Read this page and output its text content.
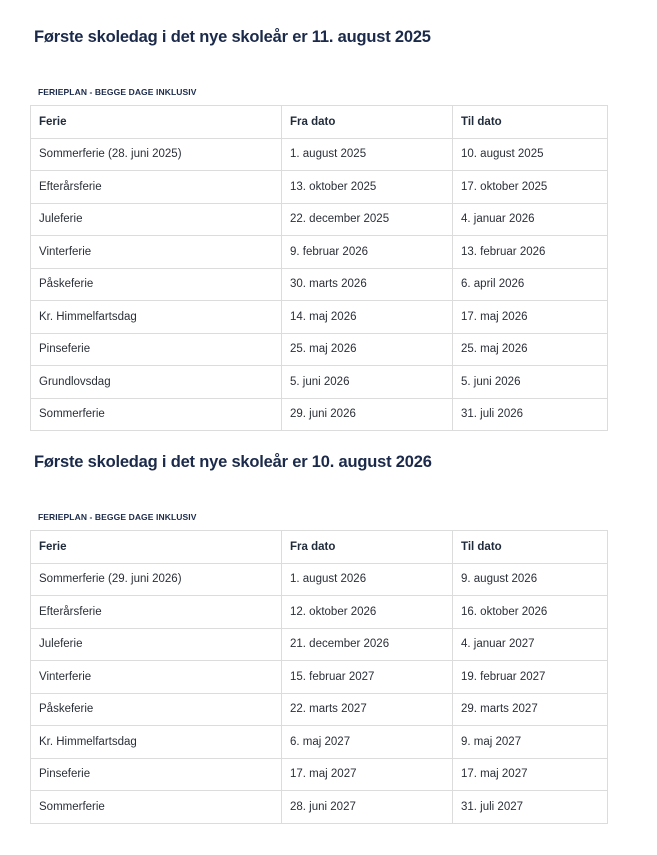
Første skoledag i det nye skoleår er 11. august 2025

FERIEPLAN - BEGGE DAGE INKLUSIV

Ferie	Fra dato	Til dato
Sommerferie (28. juni 2025)	1. august 2025	10. august 2025
Efterårsferie	13. oktober 2025	17. oktober 2025
Juleferie	22. december 2025	4. januar 2026
Vinterferie	9. februar 2026	13. februar 2026
Påskeferie	30. marts 2026	6. april 2026
Kr. Himmelfartsdag	14. maj 2026	17. maj 2026
Pinseferie	25. maj 2026	25. maj 2026
Grundlovsdag	5. juni 2026	5. juni 2026
Sommerferie	29. juni 2026	31. juli 2026
Første skoledag i det nye skoleår er 10. august 2026

FERIEPLAN - BEGGE DAGE INKLUSIV

Ferie	Fra dato	Til dato
Sommerferie (29. juni 2026)	1. august 2026	9. august 2026
Efterårsferie	12. oktober 2026	16. oktober 2026
Juleferie	21. december 2026	4. januar 2027
Vinterferie	15. februar 2027	19. februar 2027
Påskeferie	22. marts 2027	29. marts 2027
Kr. Himmelfartsdag	6. maj 2027	9. maj 2027
Pinseferie	17. maj 2027	17. maj 2027
Sommerferie	28. juni 2027	31. juli 2027
